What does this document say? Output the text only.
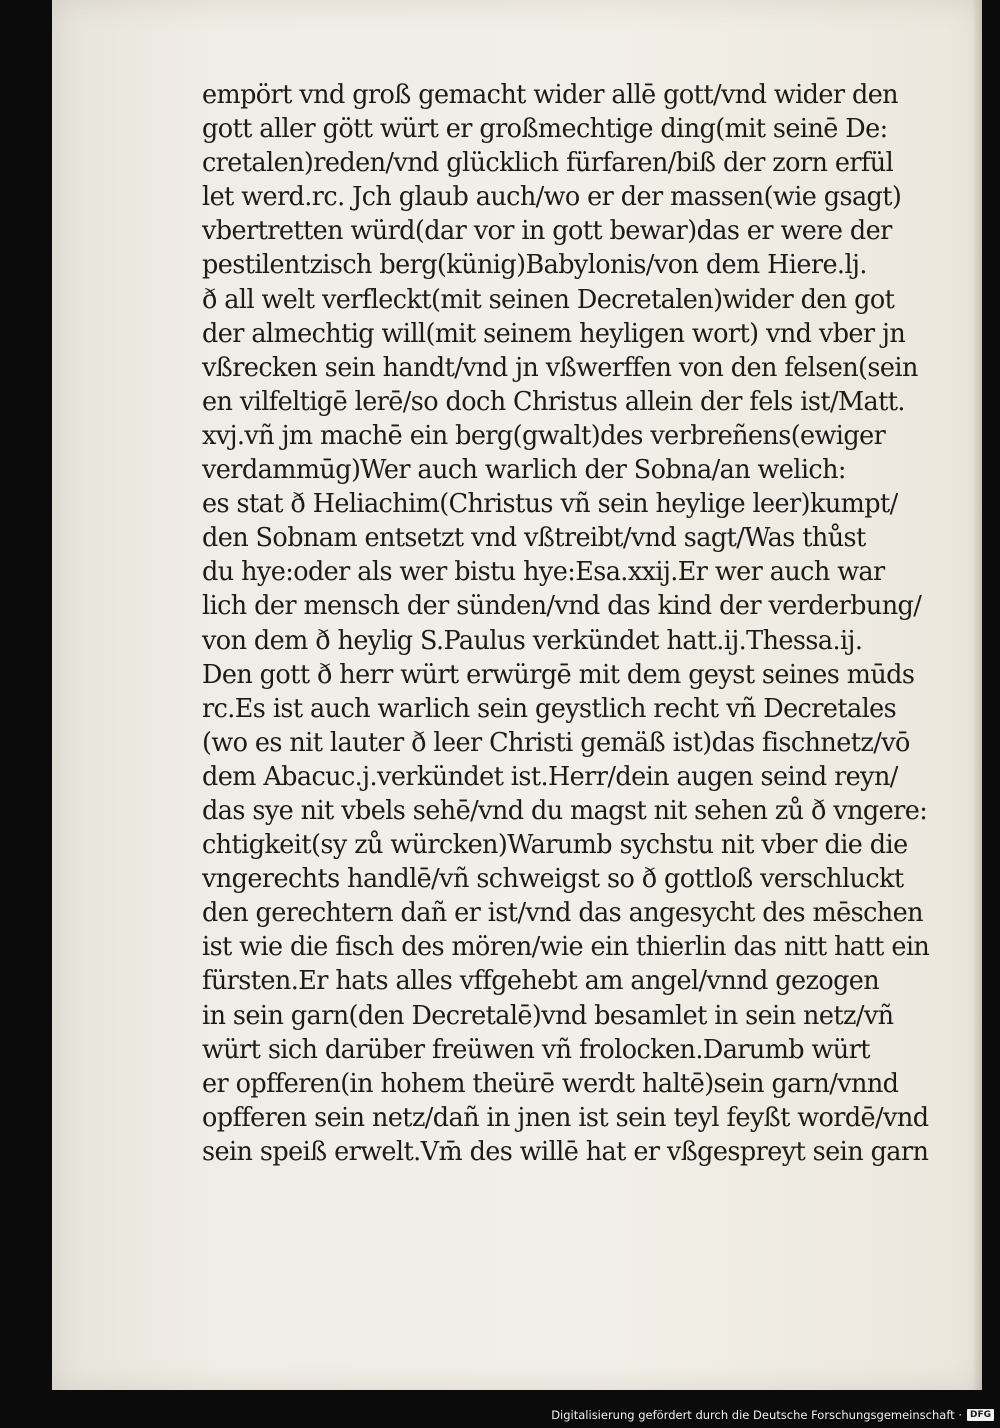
empört vnd groß gemacht wider allē gott/vnd wider den
gott aller gött würt er großmechtige ding(mit seinē De:
cretalen)reden/vnd glücklich fürfaren/biß der zorn erfül
let werd.rc. Jch glaub auch/wo er der massen(wie gsagt)
vbertretten würd(dar vor in gott bewar)das er were der
pestilentzisch berg(künig)Babylonis/von dem Hiere.lj.
ð all welt verfleckt(mit seinen Decretalen)wider den got
der almechtig will(mit seinem heyligen wort) vnd vber jn
vßrecken sein handt/vnd jn vßwerffen von den felsen(sein
en vilfeltigē lerē/so doch Christus allein der fels ist/Matt.
xvj.vñ jm machē ein berg(gwalt)des verbreñens(ewiger
verdammūg)Wer auch warlich der Sobna/an welich:
es stat ð Heliachim(Christus vñ sein heylige leer)kumpt/
den Sobnam entsetzt vnd vßtreibt/vnd sagt/Was thůst
du hye:oder als wer bistu hye:Esa.xxij.Er wer auch war
lich der mensch der sünden/vnd das kind der verderbung/
von dem ð heylig S.Paulus verkündet hatt.ij.Thessa.ij.
Den gott ð herr würt erwürgē mit dem geyst seines mūds
rc.Es ist auch warlich sein geystlich recht vñ Decretales
(wo es nit lauter ð leer Christi gemäß ist)das fischnetz/vō
dem Abacuc.j.verkündet ist.Herr/dein augen seind reyn/
das sye nit vbels sehē/vnd du magst nit sehen zů ð vngere:
chtigkeit(sy zů würcken)Warumb sychstu nit vber die die
vngerechts handlē/vñ schweigst so ð gottloß verschluckt
den gerechtern dañ er ist/vnd das angesycht des mēschen
ist wie die fisch des mören/wie ein thierlin das nitt hatt ein
fürsten.Er hats alles vffgehebt am angel/vnnd gezogen
in sein garn(den Decretalē)vnd besamlet in sein netz/vñ
würt sich darüber freüwen vñ frolocken.Darumb würt
er opfferen(in hohem theürē werdt haltē)sein garn/vnnd
opfferen sein netz/dañ in jnen ist sein teyl feyßt wordē/vnd
sein speiß erwelt.Vm̄ des willē hat er vßgespreyt sein garn
Digitalisierung gefördert durch die Deutsche Forschungsgemeinschaft · DFG
